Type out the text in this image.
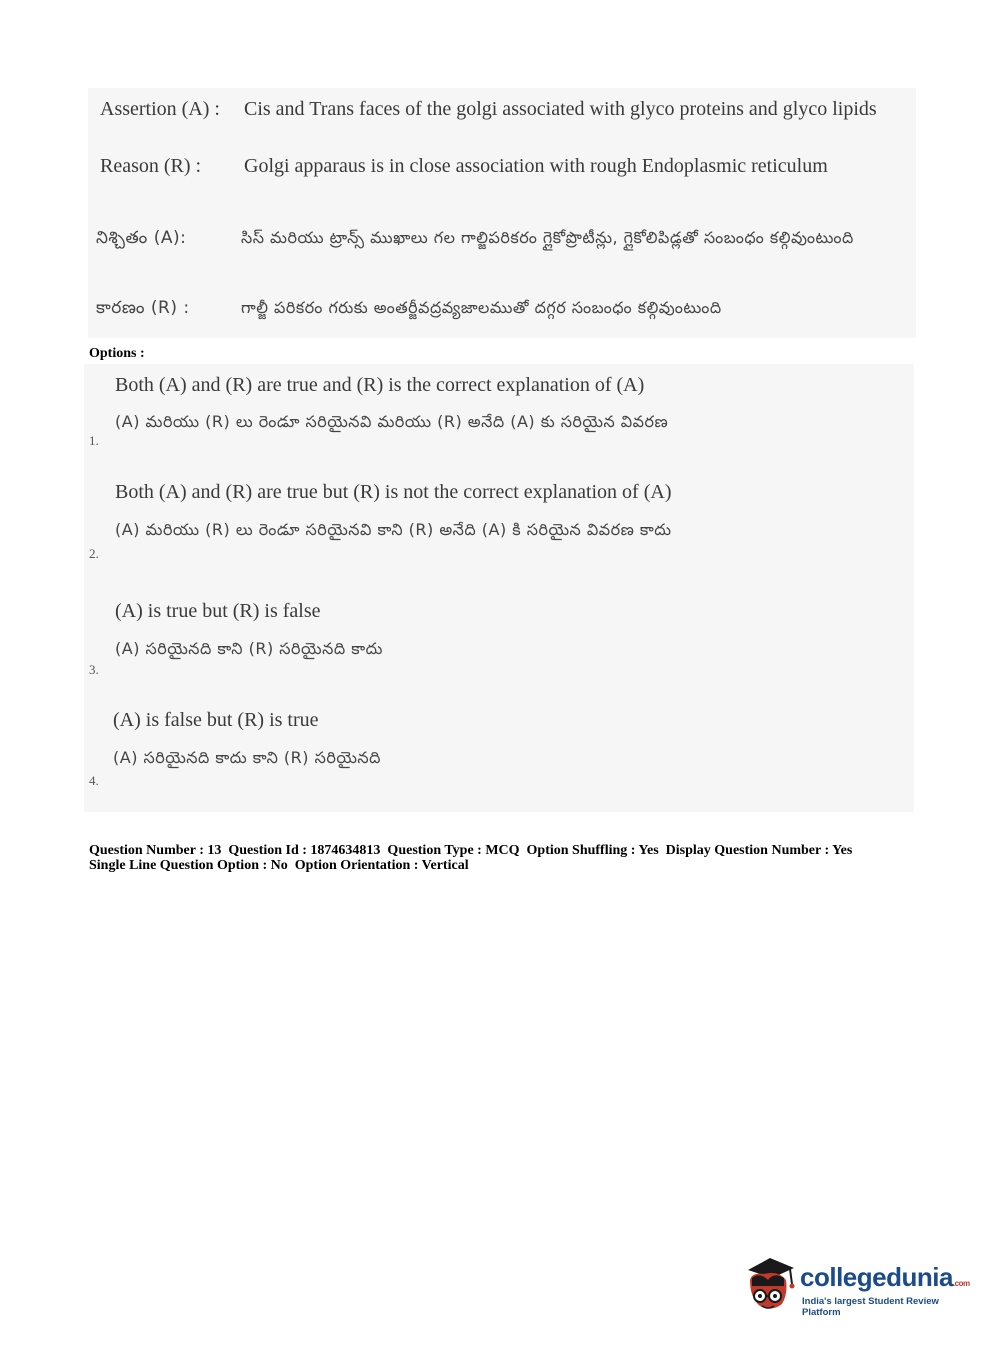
Assertion (A) :	Cis and Trans faces of the golgi associated with glyco proteins and glyco lipids
Reason (R) :	Golgi apparaus is in close association with rough Endoplasmic reticulum
నిశ్చితం (A):	సిస్ మరియు ట్రాన్స్ ముఖాలు గల గాల్జిపరికరం గ్లైకోప్రొటీన్లు, గ్లైకోలిపిడ్లతో సంబంధం కల్గివుంటుంది
కారణం (R) :	గాల్జీ పరికరం గరుకు అంతర్జీవద్రవ్యజాలముతో దగ్గర సంబంధం కల్గివుంటుంది
Options :
Both (A) and (R) are true and (R) is the correct explanation of (A)
(A) మరియు (R) లు రెండూ సరియైనవి మరియు (R) అనేది (A) కు సరియైన వివరణ
1.
Both (A) and (R) are true but (R) is not the correct explanation of (A)
(A) మరియు (R) లు రెండూ సరియైనవి కాని (R) అనేది (A) కి సరియైన వివరణ కాదు
2.
(A) is true but (R) is false
(A) సరియైనది కాని (R) సరియైనది కాదు
3.
(A) is false but (R) is true
(A) సరియైనది కాదు కాని (R) సరియైనది
4.
Question Number : 13  Question Id : 1874634813  Question Type : MCQ  Option Shuffling : Yes  Display Question Number : Yes
Single Line Question Option : No  Option Orientation : Vertical
collegedunia.com
India's largest Student Review Platform
